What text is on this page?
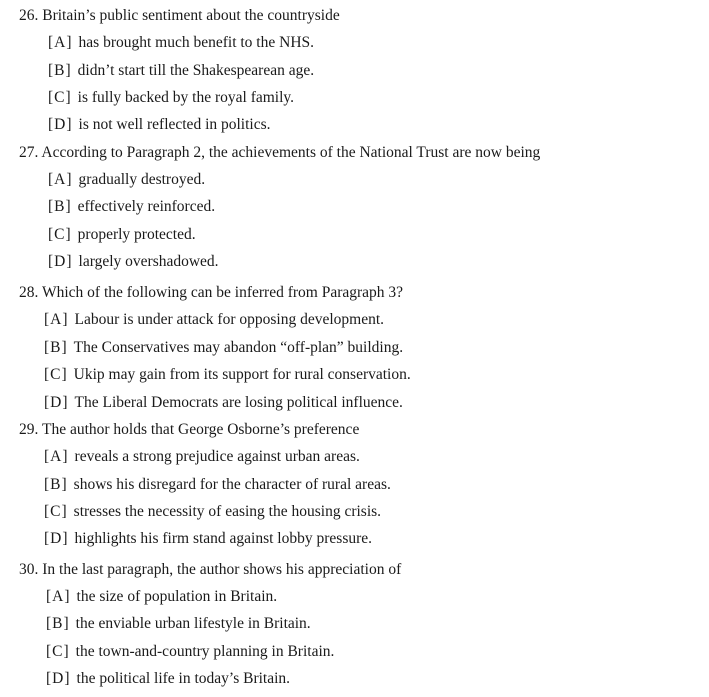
26. Britain’s public sentiment about the countryside
[A] has brought much benefit to the NHS.
[B] didn’t start till the Shakespearean age.
[C] is fully backed by the royal family.
[D] is not well reflected in politics.
27. According to Paragraph 2, the achievements of the National Trust are now being
[A] gradually destroyed.
[B] effectively reinforced.
[C] properly protected.
[D] largely overshadowed.
28. Which of the following can be inferred from Paragraph 3?
[A] Labour is under attack for opposing development.
[B] The Conservatives may abandon “off-plan” building.
[C] Ukip may gain from its support for rural conservation.
[D] The Liberal Democrats are losing political influence.
29. The author holds that George Osborne’s preference
[A] reveals a strong prejudice against urban areas.
[B] shows his disregard for the character of rural areas.
[C] stresses the necessity of easing the housing crisis.
[D] highlights his firm stand against lobby pressure.
30. In the last paragraph, the author shows his appreciation of
[A] the size of population in Britain.
[B] the enviable urban lifestyle in Britain.
[C] the town-and-country planning in Britain.
[D] the political life in today’s Britain.
